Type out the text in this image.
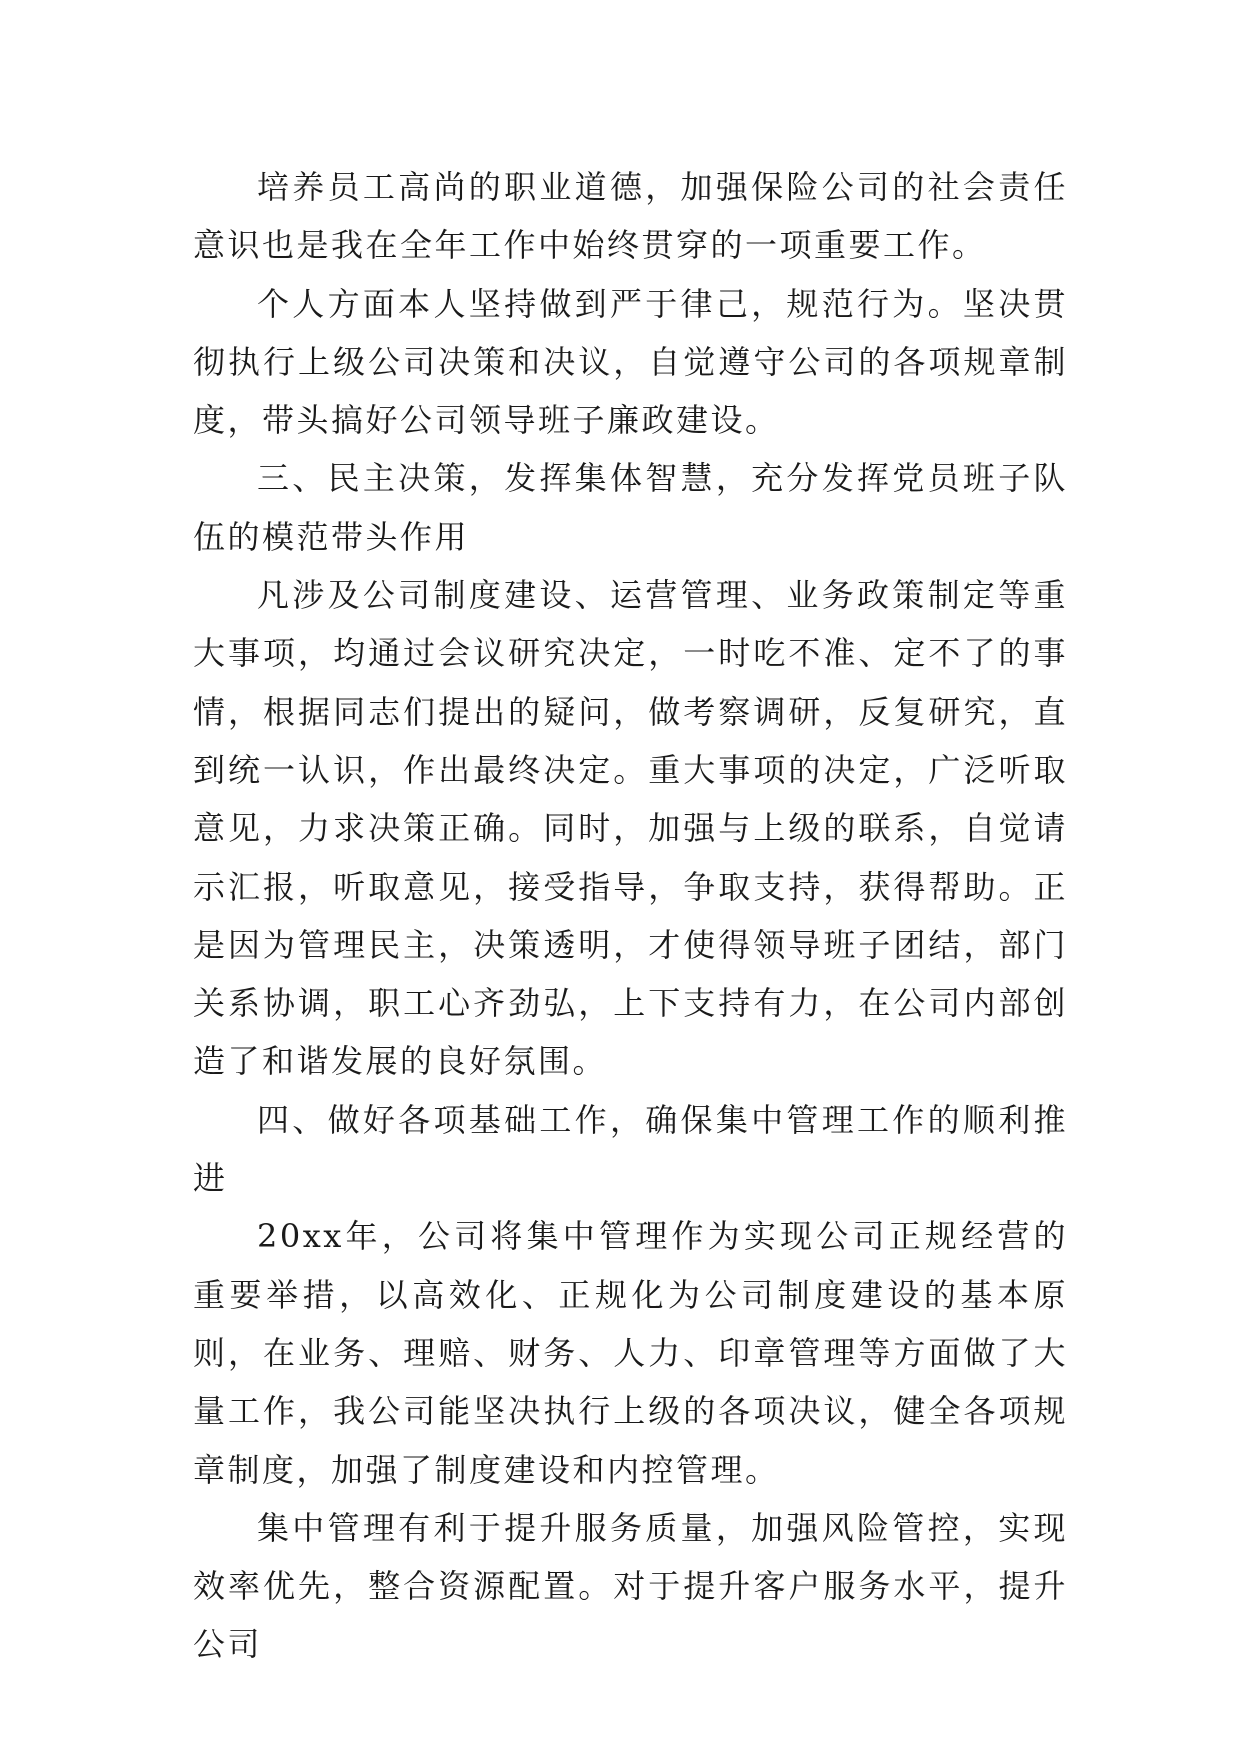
培养员工高尚的职业道德，加强保险公司的社会责任意识也是我在全年工作中始终贯穿的一项重要工作。

个人方面本人坚持做到严于律己，规范行为。坚决贯彻执行上级公司决策和决议，自觉遵守公司的各项规章制度，带头搞好公司领导班子廉政建设。

三、民主决策，发挥集体智慧，充分发挥党员班子队伍的模范带头作用

凡涉及公司制度建设、运营管理、业务政策制定等重大事项，均通过会议研究决定，一时吃不准、定不了的事情，根据同志们提出的疑问，做考察调研，反复研究，直到统一认识，作出最终决定。重大事项的决定，广泛听取意见，力求决策正确。同时，加强与上级的联系，自觉请示汇报，听取意见，接受指导，争取支持，获得帮助。正是因为管理民主，决策透明，才使得领导班子团结，部门关系协调，职工心齐劲弘，上下支持有力，在公司内部创造了和谐发展的良好氛围。

四、做好各项基础工作，确保集中管理工作的顺利推进

20xx年，公司将集中管理作为实现公司正规经营的重要举措，以高效化、正规化为公司制度建设的基本原则，在业务、理赔、财务、人力、印章管理等方面做了大量工作，我公司能坚决执行上级的各项决议，健全各项规章制度，加强了制度建设和内控管理。

集中管理有利于提升服务质量，加强风险管控，实现效率优先，整合资源配置。对于提升客户服务水平，提升公司
